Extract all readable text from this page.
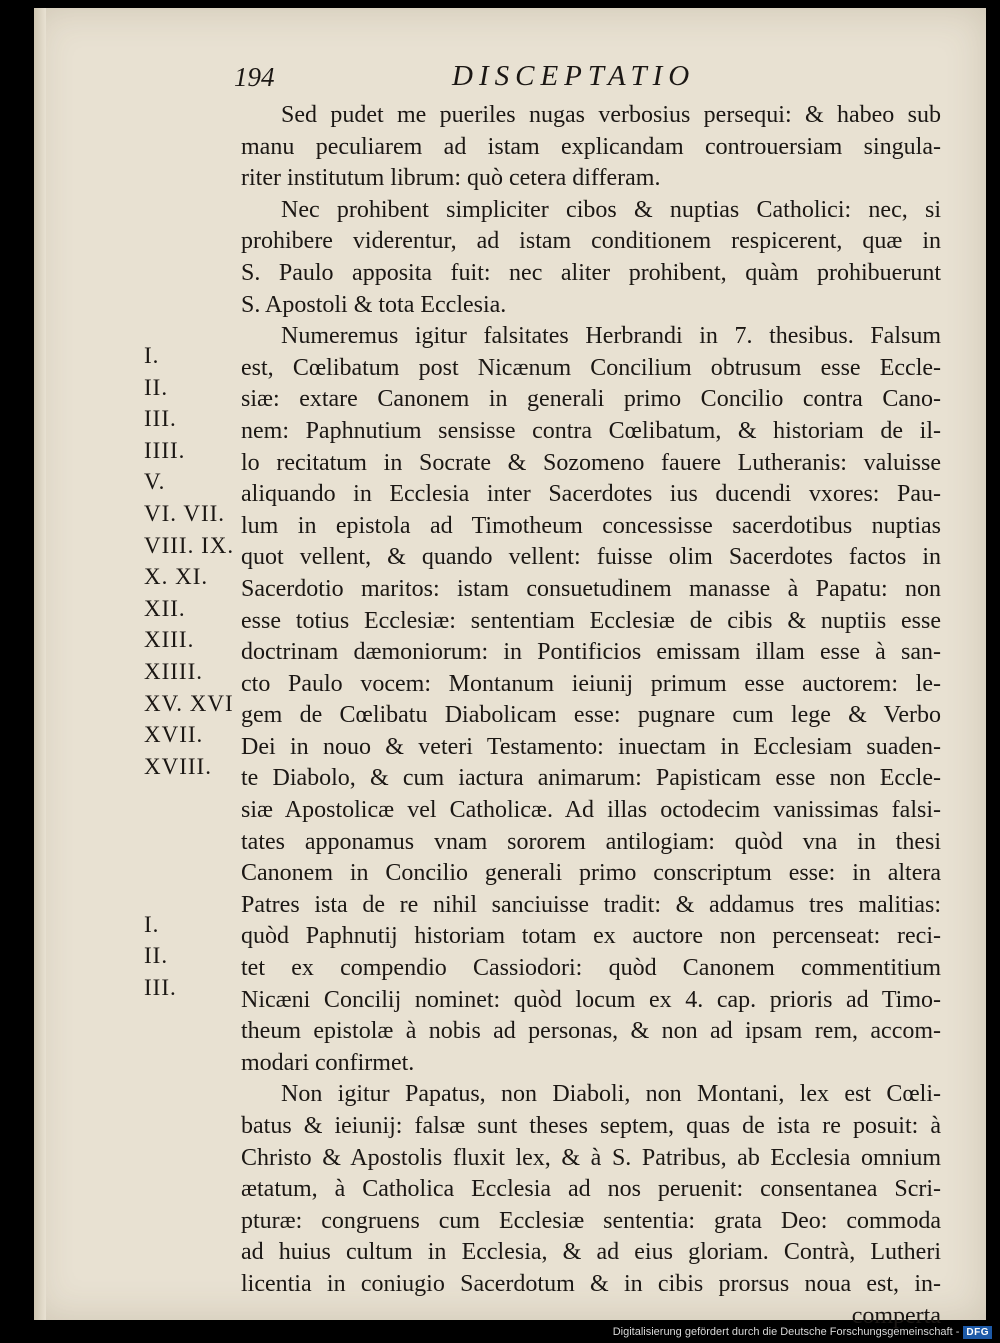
194	DISCEPTATIO
Sed pudet me pueriles nugas verbosius persequi: & habeo sub
manu peculiarem ad istam explicandam controuersiam singula-
riter institutum librum: quò cetera differam.
Nec prohibent simpliciter cibos & nuptias Catholici: nec, si
prohibere viderentur, ad istam conditionem respicerent, quæ in
S. Paulo apposita fuit: nec aliter prohibent, quàm prohibuerunt
S. Apostoli & tota Ecclesia.
Numeremus igitur falsitates Herbrandi in 7. thesibus. Falsum
est, Cœlibatum post Nicænum Concilium obtrusum esse Eccle-
siæ: extare Canonem in generali primo Concilio contra Cano-
nem: Paphnutium sensisse contra Cœlibatum, & historiam de il-
lo recitatum in Socrate & Sozomeno fauere Lutheranis: valuisse
aliquando in Ecclesia inter Sacerdotes ius ducendi vxores: Pau-
lum in epistola ad Timotheum concessisse sacerdotibus nuptias
quot vellent, & quando vellent: fuisse olim Sacerdotes factos in
Sacerdotio maritos: istam consuetudinem manasse à Papatu: non
esse totius Ecclesiæ: sententiam Ecclesiæ de cibis & nuptiis esse
doctrinam dæmoniorum: in Pontificios emissam illam esse à san-
cto Paulo vocem: Montanum ieiunij primum esse auctorem: le-
gem de Cœlibatu Diabolicam esse: pugnare cum lege & Verbo
Dei in nouo & veteri Testamento: inuectam in Ecclesiam suaden-
te Diabolo, & cum iactura animarum: Papisticam esse non Eccle-
siæ Apostolicæ vel Catholicæ. Ad illas octodecim vanissimas falsi-
tates apponamus vnam sororem antilogiam: quòd vna in thesi
Canonem in Concilio generali primo conscriptum esse: in altera
Patres ista de re nihil sanciuisse tradit: & addamus tres malitias:
quòd Paphnutij historiam totam ex auctore non percenseat: reci-
tet ex compendio Cassiodori: quòd Canonem commentitium
Nicæni Concilij nominet: quòd locum ex 4. cap. prioris ad Timo-
theum epistolæ à nobis ad personas, & non ad ipsam rem, accom-
modari confirmet.
Non igitur Papatus, non Diaboli, non Montani, lex est Cœli-
batus & ieiunij: falsæ sunt theses septem, quas de ista re posuit: à
Christo & Apostolis fluxit lex, & à S. Patribus, ab Ecclesia omnium
ætatum, à Catholica Ecclesia ad nos peruenit: consentanea Scri-
pturæ: congruens cum Ecclesiæ sententia: grata Deo: commoda
ad huius cultum in Ecclesia, & ad eius gloriam. Contrà, Lutheri
licentia in coniugio Sacerdotum & in cibis prorsus noua est, in-
comperta
I.
II.
III.
IIII.
V.
VI. VII.
VIII. IX.
X. XI.
XII.
XIII.
XIIII.
XV. XVI
XVII.
XVIII.
I.
II.
III.
Digitalisierung gefördert durch die Deutsche Forschungsgemeinschaft - DFG
